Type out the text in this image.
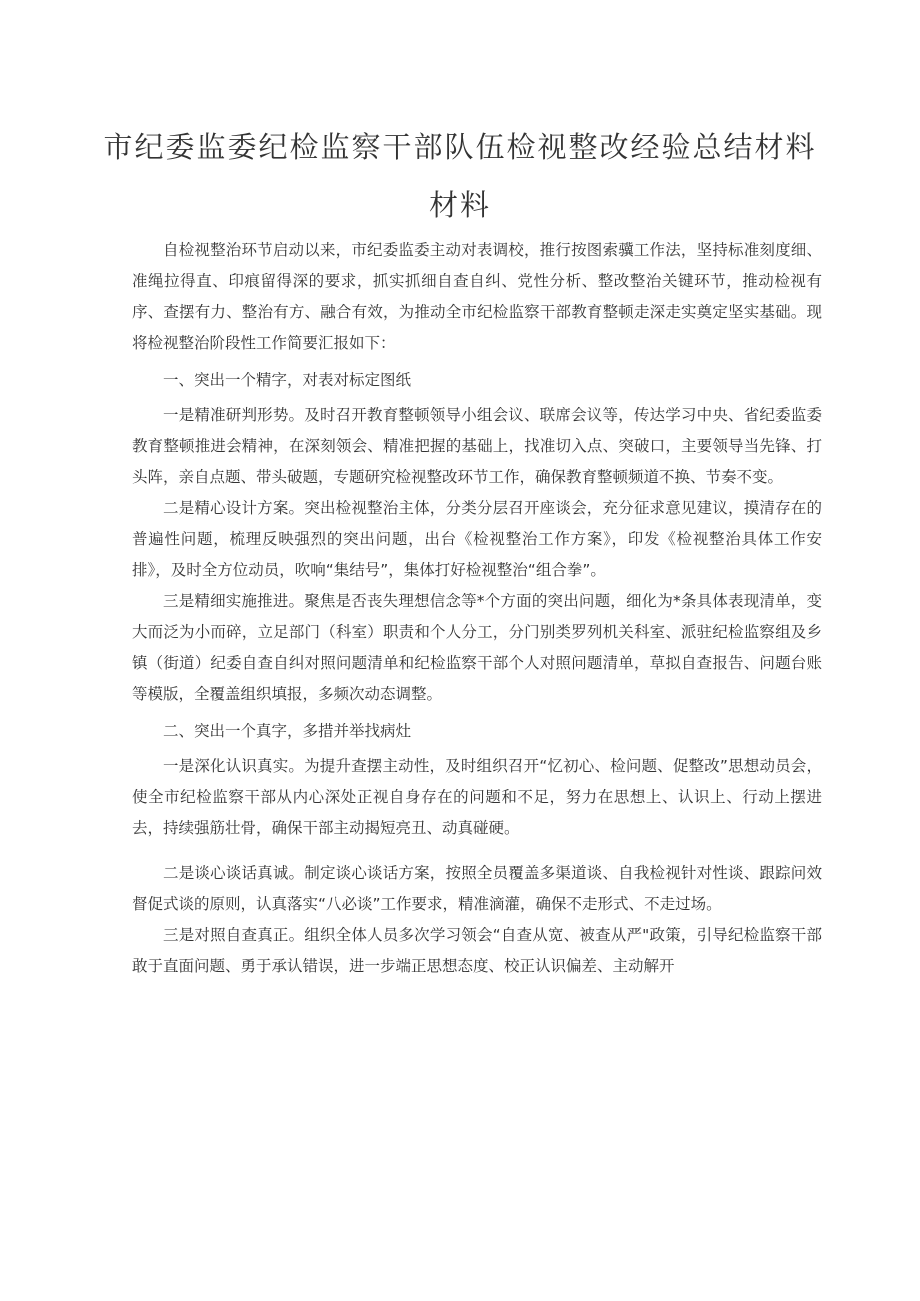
市纪委监委纪检监察干部队伍检视整改经验总结材料材料

自检视整治环节启动以来，市纪委监委主动对表调校，推行按图索骥工作法，坚持标准刻度细、准绳拉得直、印痕留得深的要求，抓实抓细自查自纠、党性分析、整改整治关键环节，推动检视有序、查摆有力、整治有方、融合有效，为推动全市纪检监察干部教育整顿走深走实奠定坚实基础。现将检视整治阶段性工作简要汇报如下：

一、突出一个精字，对表对标定图纸

一是精准研判形势。及时召开教育整顿领导小组会议、联席会议等，传达学习中央、省纪委监委教育整顿推进会精神，在深刻领会、精准把握的基础上，找准切入点、突破口，主要领导当先锋、打头阵，亲自点题、带头破题，专题研究检视整改环节工作，确保教育整顿频道不换、节奏不变。

二是精心设计方案。突出检视整治主体，分类分层召开座谈会，充分征求意见建议，摸清存在的普遍性问题，梳理反映强烈的突出问题，出台《检视整治工作方案》，印发《检视整治具体工作安排》，及时全方位动员，吹响“集结号”，集体打好检视整治“组合拳”。

三是精细实施推进。聚焦是否丧失理想信念等*个方面的突出问题，细化为*条具体表现清单，变大而泛为小而碎，立足部门（科室）职责和个人分工，分门别类罗列机关科室、派驻纪检监察组及乡镇（街道）纪委自查自纠对照问题清单和纪检监察干部个人对照问题清单，草拟自查报告、问题台账等模版，全覆盖组织填报，多频次动态调整。

二、突出一个真字，多措并举找病灶

一是深化认识真实。为提升查摆主动性，及时组织召开“忆初心、检问题、促整改”思想动员会，使全市纪检监察干部从内心深处正视自身存在的问题和不足，努力在思想上、认识上、行动上摆进去，持续强筋壮骨，确保干部主动揭短亮丑、动真碰硬。

二是谈心谈话真诚。制定谈心谈话方案，按照全员覆盖多渠道谈、自我检视针对性谈、跟踪问效督促式谈的原则，认真落实“八必谈”工作要求，精准滴灌，确保不走形式、不走过场。

三是对照自查真正。组织全体人员多次学习领会“自查从宽、被查从严"政策，引导纪检监察干部敢于直面问题、勇于承认错误，进一步端正思想态度、校正认识偏差、主动解开
